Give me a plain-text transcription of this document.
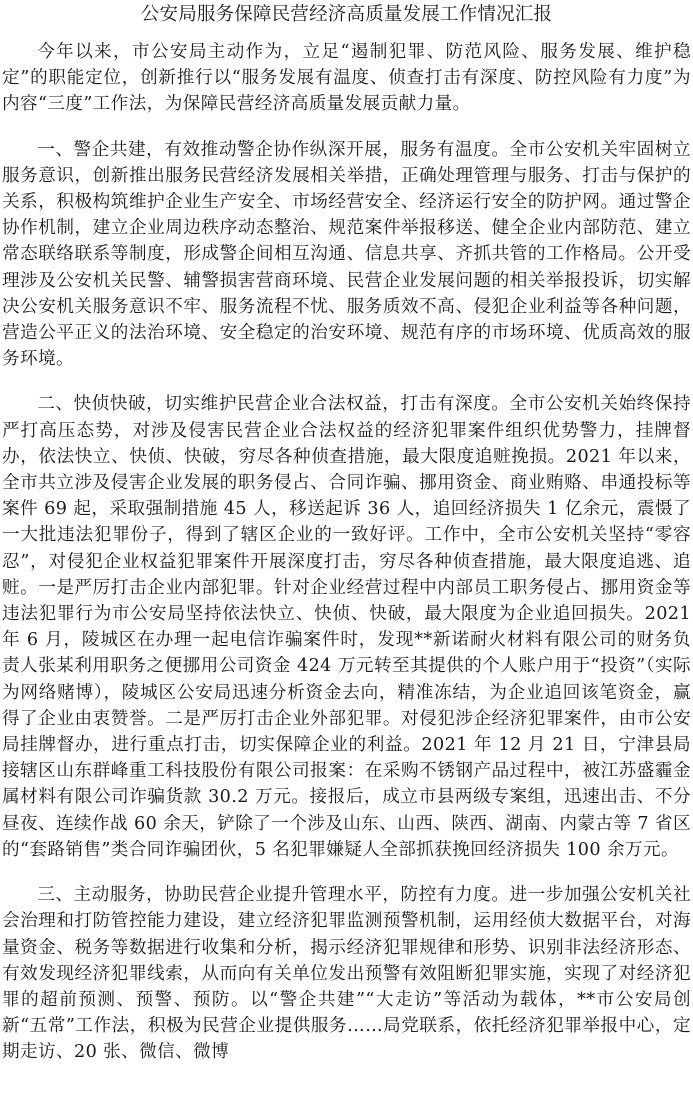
公安局服务保障民营经济高质量发展工作情况汇报

今年以来，市公安局主动作为，立足“遏制犯罪、防范风险、服务发展、维护稳定”的职能定位，创新推行以“服务发展有温度、侦查打击有深度、防控风险有力度”为内容“三度”工作法，为保障民营经济高质量发展贡献力量。

一、警企共建，有效推动警企协作纵深开展，服务有温度。全市公安机关牢固树立服务意识，创新推出服务民营经济发展相关举措，正确处理管理与服务、打击与保护的关系，积极构筑维护企业生产安全、市场经营安全、经济运行安全的防护网。通过警企协作机制，建立企业周边秩序动态整治、规范案件举报移送、健全企业内部防范、建立常态联络联系等制度，形成警企间相互沟通、信息共享、齐抓共管的工作格局。公开受理涉及公安机关民警、辅警损害营商环境、民营企业发展问题的相关举报投诉，切实解决公安机关服务意识不牢、服务流程不忧、服务质效不高、侵犯企业利益等各种问题，营造公平正义的法治环境、安全稳定的治安环境、规范有序的市场环境、优质高效的服务环境。

二、快侦快破，切实维护民营企业合法权益，打击有深度。全市公安机关始终保持严打高压态势，对涉及侵害民营企业合法权益的经济犯罪案件组织优势警力，挂牌督办，依法快立、快侦、快破，穷尽各种侦查措施，最大限度追赃挽损。2021 年以来，全市共立涉及侵害企业发展的职务侵占、合同诈骗、挪用资金、商业贿赂、串通投标等案件 69 起，采取强制措施 45 人，移送起诉 36 人，追回经济损失 1 亿余元，震慑了一大批违法犯罪份子，得到了辖区企业的一致好评。工作中，全市公安机关坚持“零容忍”，对侵犯企业权益犯罪案件开展深度打击，穷尽各种侦查措施，最大限度追逃、追赃。一是严厉打击企业内部犯罪。针对企业经营过程中内部员工职务侵占、挪用资金等违法犯罪行为市公安局坚持依法快立、快侦、快破，最大限度为企业追回损失。2021 年 6 月，陵城区在办理一起电信诈骗案件时，发现**新诺耐火材料有限公司的财务负责人张某利用职务之便挪用公司资金 424 万元转至其提供的个人账户用于“投资”（实际为网络赌博），陵城区公安局迅速分析资金去向，精准冻结，为企业追回该笔资金，赢得了企业由衷赞誉。二是严厉打击企业外部犯罪。对侵犯涉企经济犯罪案件，由市公安局挂牌督办，进行重点打击，切实保障企业的利益。2021 年 12 月 21 日，宁津县局接辖区山东群峰重工科技股份有限公司报案：在采购不锈钢产品过程中，被江苏盛霾金属材料有限公司诈骗货款 30.2 万元。接报后，成立市县两级专案组，迅速出击、不分昼夜、连续作战 60 余天，铲除了一个涉及山东、山西、陕西、湖南、内蒙古等 7 省区的“套路销售”类合同诈骗团伙，5 名犯罪嫌疑人全部抓获挽回经济损失 100 余万元。

三、主动服务，协助民营企业提升管理水平，防控有力度。进一步加强公安机关社会治理和打防管控能力建设，建立经济犯罪监测预警机制，运用经侦大数据平台，对海量资金、税务等数据进行收集和分析，揭示经济犯罪规律和形势、识别非法经济形态、有效发现经济犯罪线索，从而向有关单位发出预警有效阻断犯罪实施，实现了对经济犯罪的超前预测、预警、预防。以“警企共建”“大走访”等活动为载体，**市公安局创新“五常”工作法，积极为民营企业提供服务……局党联系，依托经济犯罪举报中心，定期走访、20 张、微信、微博
